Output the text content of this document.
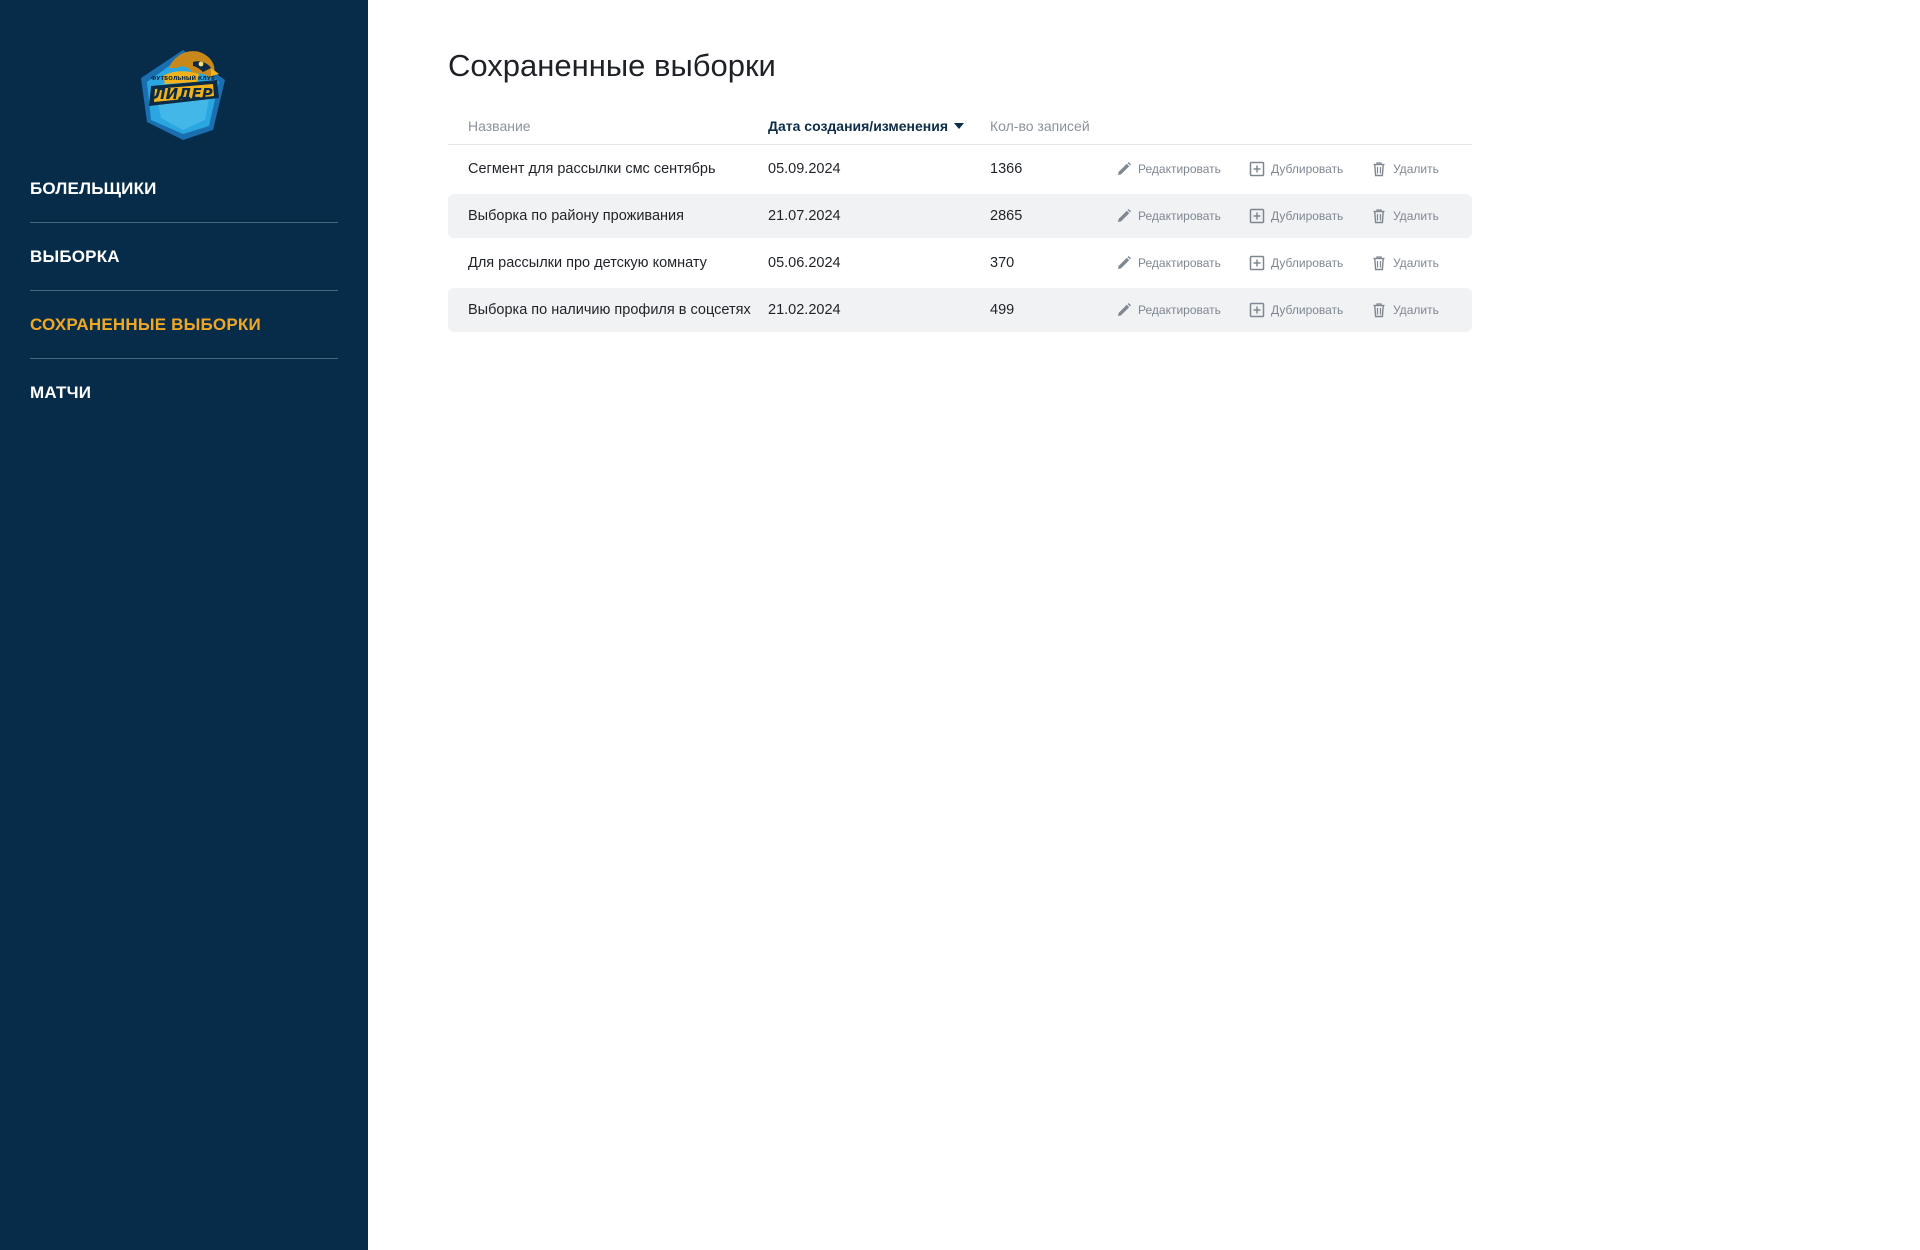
ЛИДЕР
ФУТБОЛЬНЫЙ КЛУБ
БОЛЕЛЬЩИКИ
ВЫБОРКА
СОХРАНЕННЫЕ ВЫБОРКИ
МАТЧИ
Сохраненные выборки
Название	Дата создания/изменения	Кол-во записей
Сегмент для рассылки смс сентябрь	05.09.2024	1366	Редактировать	Дублировать	Удалить
Выборка по району проживания	21.07.2024	2865	Редактировать	Дублировать	Удалить
Для рассылки про детскую комнату	05.06.2024	370	Редактировать	Дублировать	Удалить
Выборка по наличию профиля в соцсетях	21.02.2024	499	Редактировать	Дублировать	Удалить
